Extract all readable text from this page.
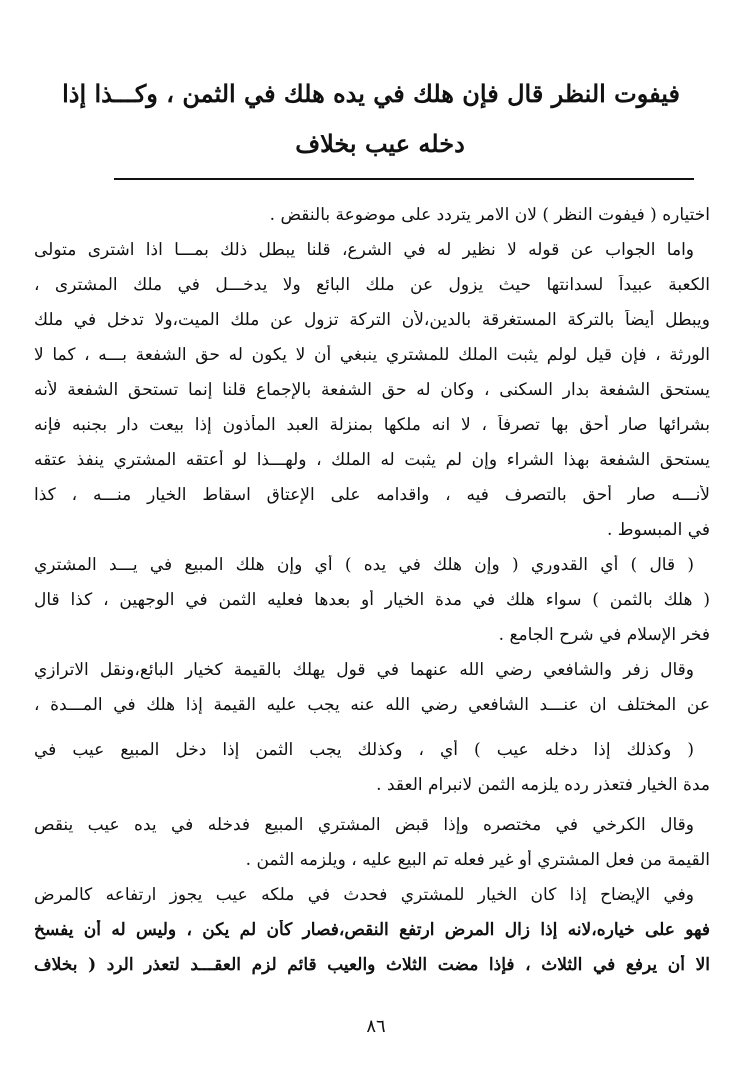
فيفوت النظر قال فإن هلك في يده هلك في الثمن ، وكـــذا إذا
دخله عيب بخلاف
اختياره ( فيفوت النظر ) لان الامر يتردد على موضوعة بالنقض .
واما الجواب عن قوله لا نظير له في الشرع، قلنا يبطل ذلك بمـــا اذا اشترى متولى
الكعبة عبيداً لسدانتها حيث يزول عن ملك البائع ولا يدخـــل في ملك المشترى ،
ويبطل أيضاً بالتركة المستغرقة بالدين،لأن التركة تزول عن ملك الميت،ولا تدخل في ملك
الورثة ، فإن قيل لولم يثبت الملك للمشتري ينبغي أن لا يكون له حق الشفعة بـــه ، كما لا
يستحق الشفعة بدار السكنى ، وكان له حق الشفعة بالإجماع قلنا إنما تستحق الشفعة لأنه
بشرائها صار أحق بها تصرفاً ، لا انه ملكها بمنزلة العبد المأذون إذا بيعت دار بجنبه فإنه
يستحق الشفعة بهذا الشراء وإن لم يثبت له الملك ، ولهـــذا لو أعتقه المشتري ينفذ عتقه
لأنـــه صار أحق بالتصرف فيه ، واقدامه على الإعتاق اسقاط الخيار منـــه ، كذا
في المبسوط .
( قال ) أي القدوري ( وإن هلك في يده ) أي وإن هلك المبيع في يـــد المشتري
( هلك بالثمن ) سواء هلك في مدة الخيار أو بعدها فعليه الثمن في الوجهين ، كذا قال
فخر الإسلام في شرح الجامع .
وقال زفر والشافعي رضي الله عنهما في قول يهلك بالقيمة كخيار البائع،ونقل الاترازي
عن المختلف ان عنـــد الشافعي رضي الله عنه يجب عليه القيمة إذا هلك في المـــدة ،
( وكذلك إذا دخله عيب ) أي ، وكذلك يجب الثمن إذا دخل المبيع عيب في
مدة الخيار فتعذر رده يلزمه الثمن لانبرام العقد .
وقال الكرخي في مختصره وإذا قبض المشتري المبيع فدخله في يده عيب ينقص
القيمة من فعل المشتري أو غير فعله تم البيع عليه ، ويلزمه الثمن .
وفي الإيضاح إذا كان الخيار للمشتري فحدث في ملكه عيب يجوز ارتفاعه كالمرض
فهو على خياره،لانه إذا زال المرض ارتفع النقص،فصار كأن لم يكن ، وليس له أن يفسخ
الا أن يرفع في الثلاث ، فإذا مضت الثلاث والعيب قائم لزم العقـــد لتعذر الرد ( بخلاف
٨٦
